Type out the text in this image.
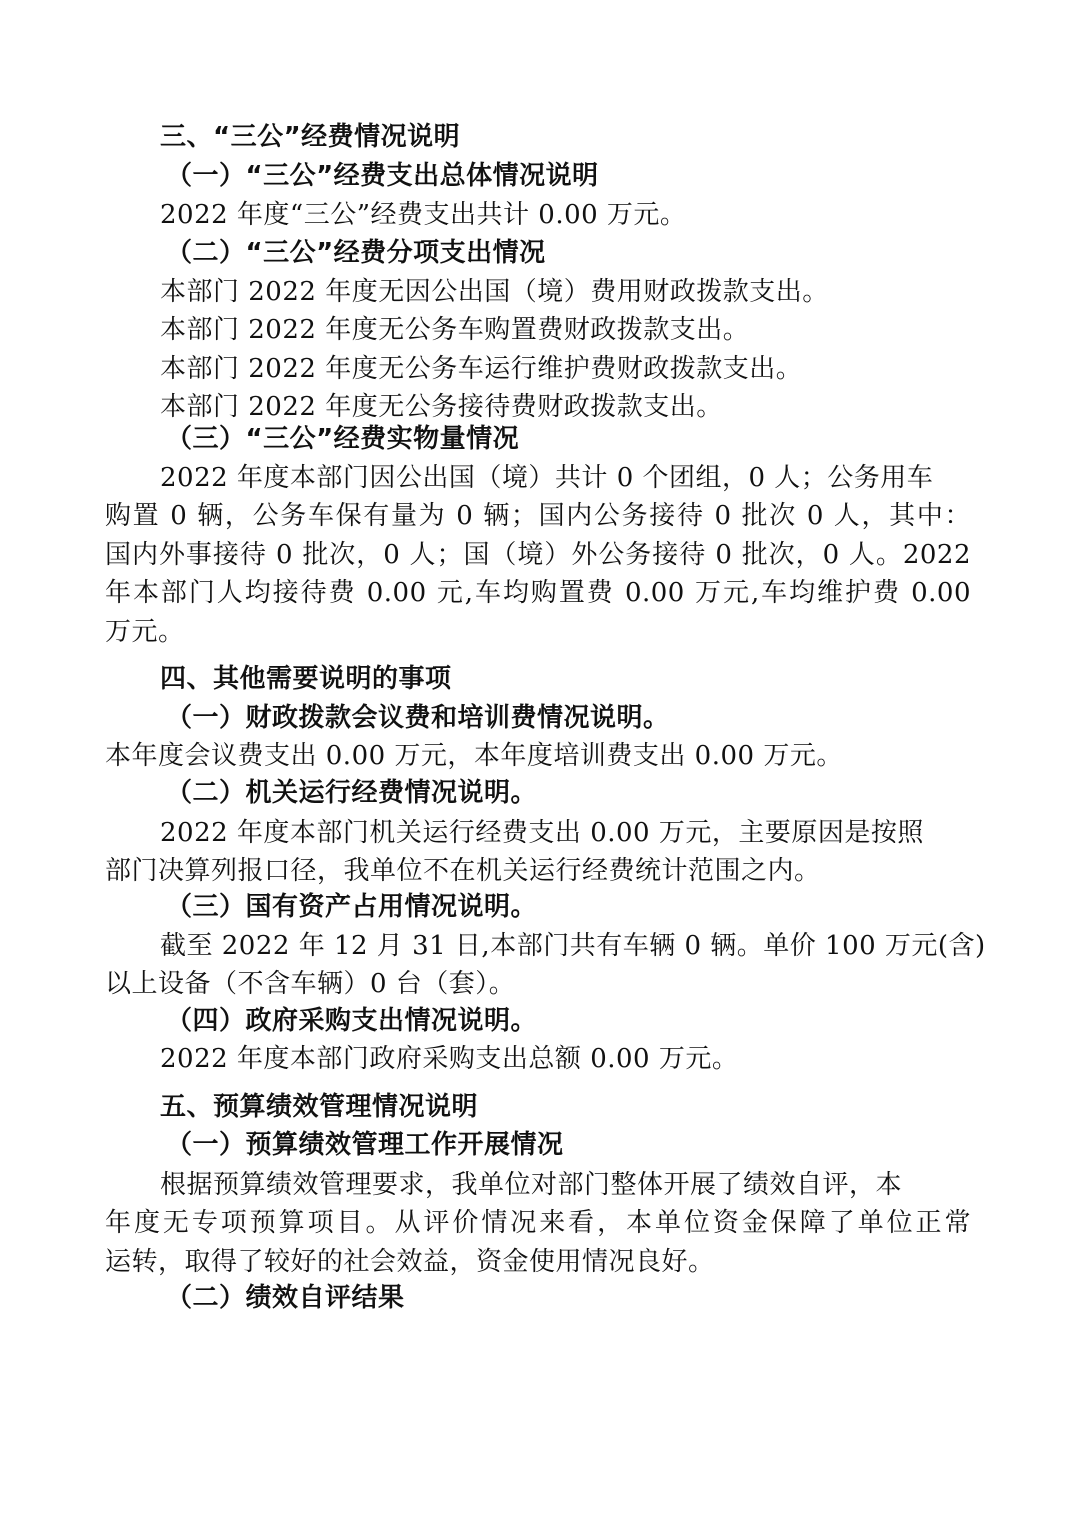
三、“三公”经费情况说明
（一）“三公”经费支出总体情况说明
2022 年度“三公”经费支出共计 0.00 万元。
（二）“三公”经费分项支出情况
本部门 2022 年度无因公出国（境）费用财政拨款支出。
本部门 2022 年度无公务车购置费财政拨款支出。
本部门 2022 年度无公务车运行维护费财政拨款支出。
本部门 2022 年度无公务接待费财政拨款支出。
（三）“三公”经费实物量情况
2022 年度本部门因公出国（境）共计 0 个团组，0 人；公务用车
购置 0 辆，公务车保有量为 0 辆；国内公务接待 0 批次 0 人，其中：
国内外事接待 0 批次，0 人；国（境）外公务接待 0 批次，0 人。2022
年本部门人均接待费 0.00 元,车均购置费 0.00 万元,车均维护费 0.00
万元。
四、其他需要说明的事项
（一）财政拨款会议费和培训费情况说明。
本年度会议费支出 0.00 万元，本年度培训费支出 0.00 万元。
（二）机关运行经费情况说明。
2022 年度本部门机关运行经费支出 0.00 万元，主要原因是按照
部门决算列报口径，我单位不在机关运行经费统计范围之内。
（三）国有资产占用情况说明。
截至 2022 年 12 月 31 日,本部门共有车辆 0 辆。单价 100 万元(含)
以上设备（不含车辆）0 台（套）。
（四）政府采购支出情况说明。
2022 年度本部门政府采购支出总额 0.00 万元。
五、预算绩效管理情况说明
（一）预算绩效管理工作开展情况
根据预算绩效管理要求，我单位对部门整体开展了绩效自评，本
年度无专项预算项目。从评价情况来看，本单位资金保障了单位正常
运转，取得了较好的社会效益，资金使用情况良好。
（二）绩效自评结果
